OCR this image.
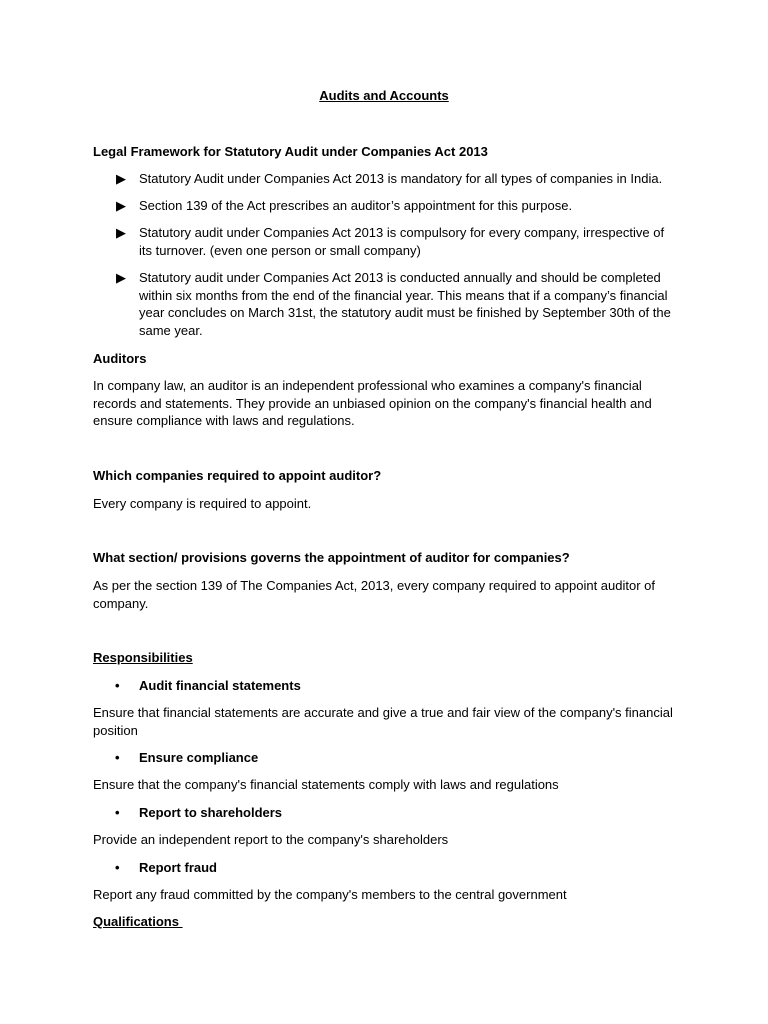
Audits and Accounts
Legal Framework for Statutory Audit under Companies Act 2013
▶	Statutory Audit under Companies Act 2013 is mandatory for all types of companies in India.
▶	Section 139 of the Act prescribes an auditor’s appointment for this purpose.
▶	Statutory audit under Companies Act 2013 is compulsory for every company, irrespective of its turnover. (even one person or small company)
▶	Statutory audit under Companies Act 2013 is conducted annually and should be completed within six months from the end of the financial year. This means that if a company’s financial year concludes on March 31st, the statutory audit must be finished by September 30th of the same year.
Auditors
In company law, an auditor is an independent professional who examines a company's financial records and statements. They provide an unbiased opinion on the company's financial health and ensure compliance with laws and regulations.
Which companies required to appoint auditor?
Every company is required to appoint.
What section/ provisions governs the appointment of auditor for companies?
As per the section 139 of The Companies Act, 2013, every company required to appoint auditor of company.
Responsibilities
•	Audit financial statements
Ensure that financial statements are accurate and give a true and fair view of the company's financial position
•	Ensure compliance
Ensure that the company's financial statements comply with laws and regulations
•	Report to shareholders
Provide an independent report to the company's shareholders
•	Report fraud
Report any fraud committed by the company's members to the central government
Qualifications
